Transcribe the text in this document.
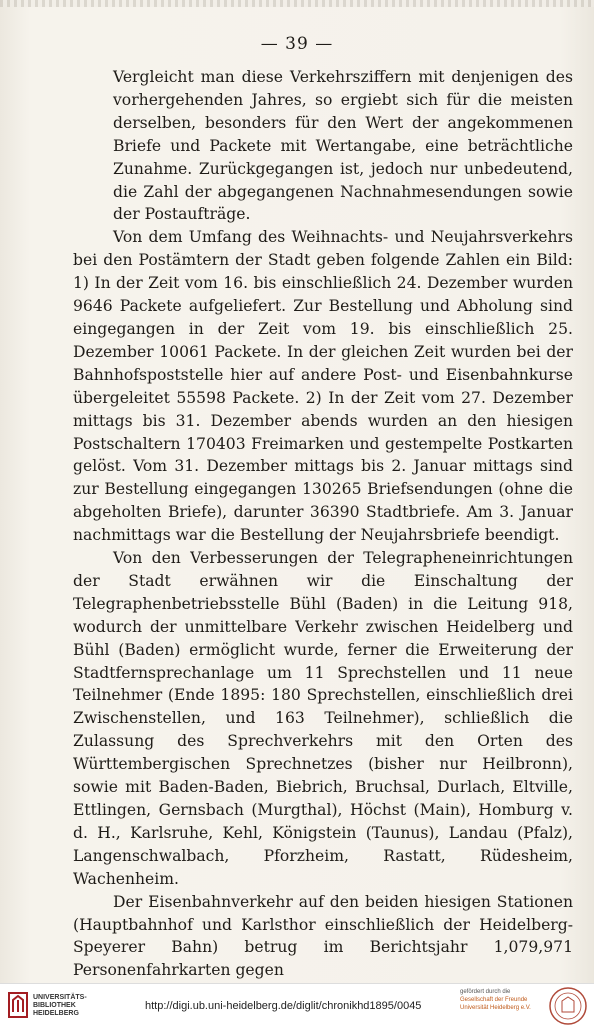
— 39 —

Vergleicht man diese Verkehrsziffern mit denjenigen des vorhergehenden Jahres, so ergiebt sich für die meisten derselben, besonders für den Wert der angekommenen Briefe und Packete mit Wertangabe, eine beträchtliche Zunahme. Zurückgegangen ist, jedoch nur unbedeutend, die Zahl der abgegangenen Nachnahmesendungen sowie der Postaufträge.

Von dem Umfang des Weihnachts- und Neujahrsverkehrs bei den Postämtern der Stadt geben folgende Zahlen ein Bild: 1) In der Zeit vom 16. bis einschließlich 24. Dezember wurden 9646 Packete aufgeliefert. Zur Bestellung und Abholung sind eingegangen in der Zeit vom 19. bis einschließlich 25. Dezember 10061 Packete. In der gleichen Zeit wurden bei der Bahnhofspoststelle hier auf andere Post- und Eisenbahnkurse übergeleitet 55598 Packete. 2) In der Zeit vom 27. Dezember mittags bis 31. Dezember abends wurden an den hiesigen Postschaltern 170403 Freimarken und gestempelte Postkarten gelöst. Vom 31. Dezember mittags bis 2. Januar mittags sind zur Bestellung eingegangen 130265 Briefsendungen (ohne die abgeholten Briefe), darunter 36390 Stadtbriefe. Am 3. Januar nachmittags war die Bestellung der Neujahrsbriefe beendigt.

Von den Verbesserungen der Telegrapheneinrichtungen der Stadt erwähnen wir die Einschaltung der Telegraphenbetriebsstelle Bühl (Baden) in die Leitung 918, wodurch der unmittelbare Verkehr zwischen Heidelberg und Bühl (Baden) ermöglicht wurde, ferner die Erweiterung der Stadtfernsprechanlage um 11 Sprechstellen und 11 neue Teilnehmer (Ende 1895: 180 Sprechstellen, einschließlich drei Zwischenstellen, und 163 Teilnehmer), schließlich die Zulassung des Sprechverkehrs mit den Orten des Württembergischen Sprechnetzes (bisher nur Heilbronn), sowie mit Baden-Baden, Biebrich, Bruchsal, Durlach, Eltville, Ettlingen, Gernsbach (Murgthal), Höchst (Main), Homburg v. d. H., Karlsruhe, Kehl, Königstein (Taunus), Landau (Pfalz), Langenschwalbach, Pforzheim, Rastatt, Rüdesheim, Wachenheim.

Der Eisenbahnverkehr auf den beiden hiesigen Stationen (Hauptbahnhof und Karlsthor einschließlich der Heidelberg-Speyerer Bahn) betrug im Berichtsjahr 1,079,971 Personenfahrkarten gegen

UNIVERSITÄTS-
BIBLIOTHEK
HEIDELBERG
http://digi.ub.uni-heidelberg.de/diglit/chronikhd1895/0045
gefördert durch die
Gesellschaft der Freunde
Universität Heidelberg e.V.
